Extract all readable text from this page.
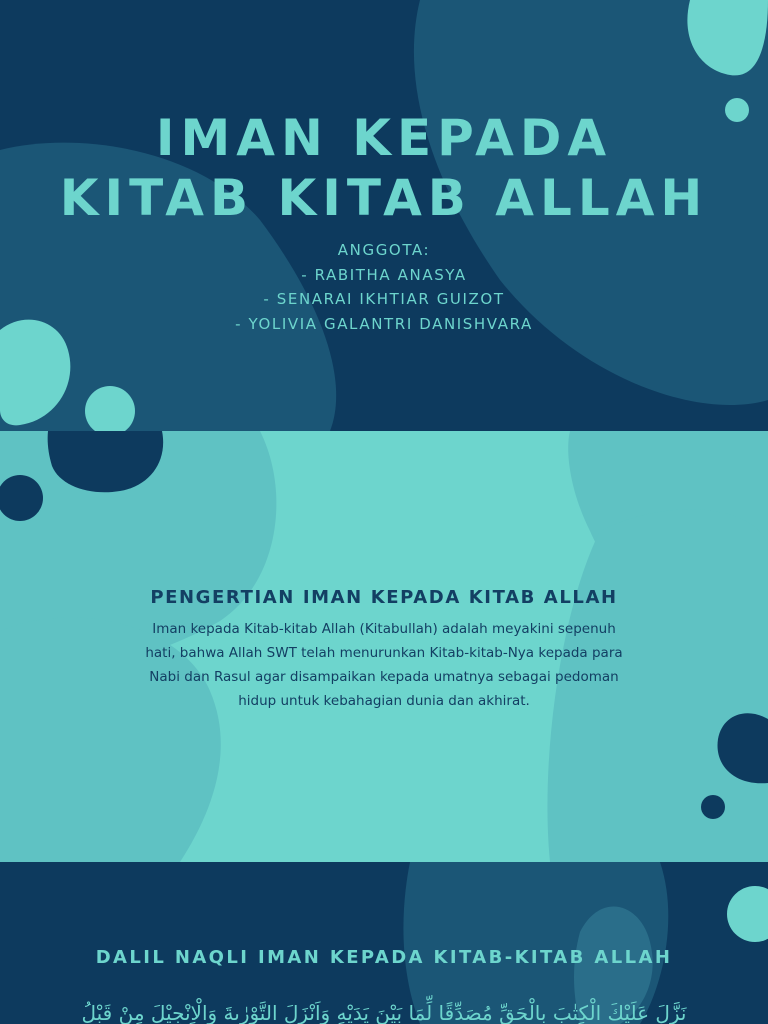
IMAN KEPADA
KITAB KITAB ALLAH
ANGGOTA:
- RABITHA ANASYA
- SENARAI IKHTIAR GUIZOT
- YOLIVIA GALANTRI DANISHVARA
PENGERTIAN IMAN KEPADA KITAB ALLAH
Iman kepada Kitab-kitab Allah (Kitabullah) adalah meyakini sepenuh
hati, bahwa Allah SWT telah menurunkan Kitab-kitab-Nya kepada para
Nabi dan Rasul agar disampaikan kepada umatnya sebagai pedoman
hidup untuk kebahagian dunia dan akhirat.
DALIL NAQLI IMAN KEPADA KITAB-KITAB ALLAH
نَزَّلَ عَلَيْكَ الْكِتٰبَ بِالْحَقِّ مُصَدِّقًا لِّمَا بَيْنَ يَدَيْهِ وَاَنْزَلَ التَّوْرٰىةَ وَالْاِنْجِيْلَ مِنْ قَبْلُ
